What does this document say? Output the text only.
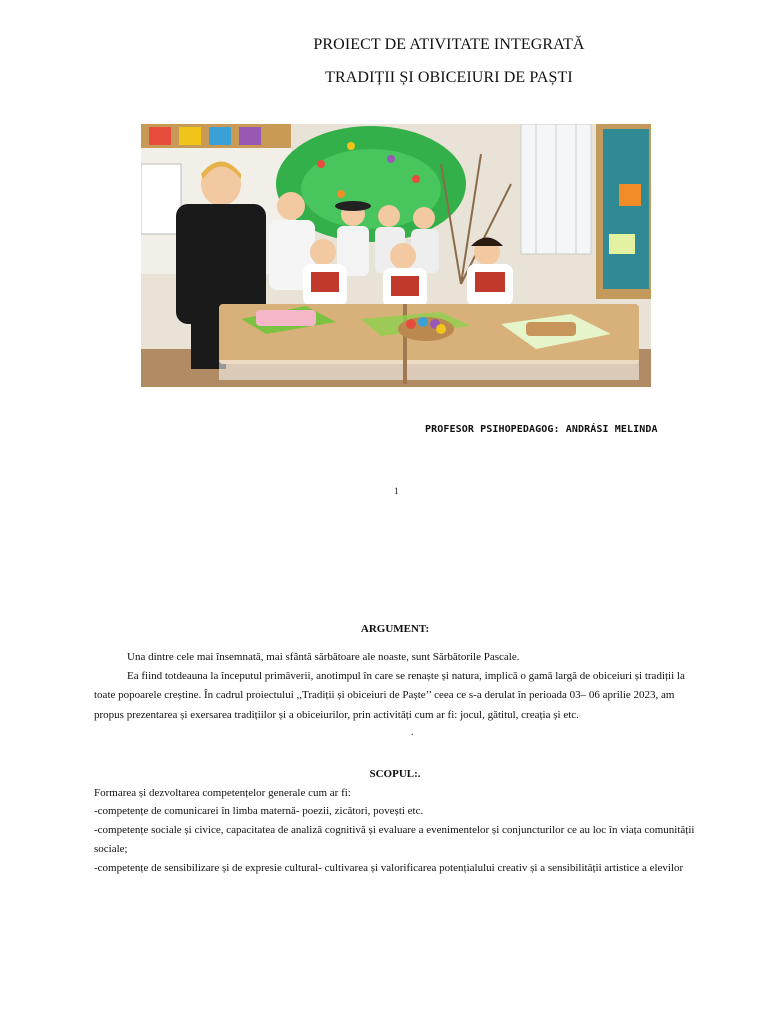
PROIECT DE ATIVITATE INTEGRATĂ
TRADIȚII ȘI OBICEIURI DE PAȘTI
PROFESOR PSIHOPEDAGOG: ANDRÁSI MELINDA
1
ARGUMENT:
Una dintre cele mai însemnată, mai sfântă sărbătoare ale noaste, sunt Sărbătorile Pascale.
Ea fiind totdeauna la începutul primăverii, anotimpul în care se renaște și natura, implică o gamă largă de obiceiuri și tradiții la
toate popoarele creștine. În cadrul proiectului ,,Tradiții și obiceiuri de Paște’’ ceea ce s-a derulat în perioada 03– 06 aprilie 2023, am
propus prezentarea și exersarea tradițiilor și a obiceiurilor, prin activități cum ar fi: jocul, gătitul, creația și etc.
.
SCOPUL:.
Formarea și dezvoltarea competențelor generale cum ar fi:
-competențe de comunicarei în limba maternă- poezii, zicători, povești etc.
-competențe sociale și civice, capacitatea de analiză cognitivă și evaluare a evenimentelor și conjuncturilor ce au loc în viața comunității
sociale;
-competențe de sensibilizare și de expresie cultural- cultivarea și valorificarea potențialului creativ și a sensibilității artistice a elevilor
